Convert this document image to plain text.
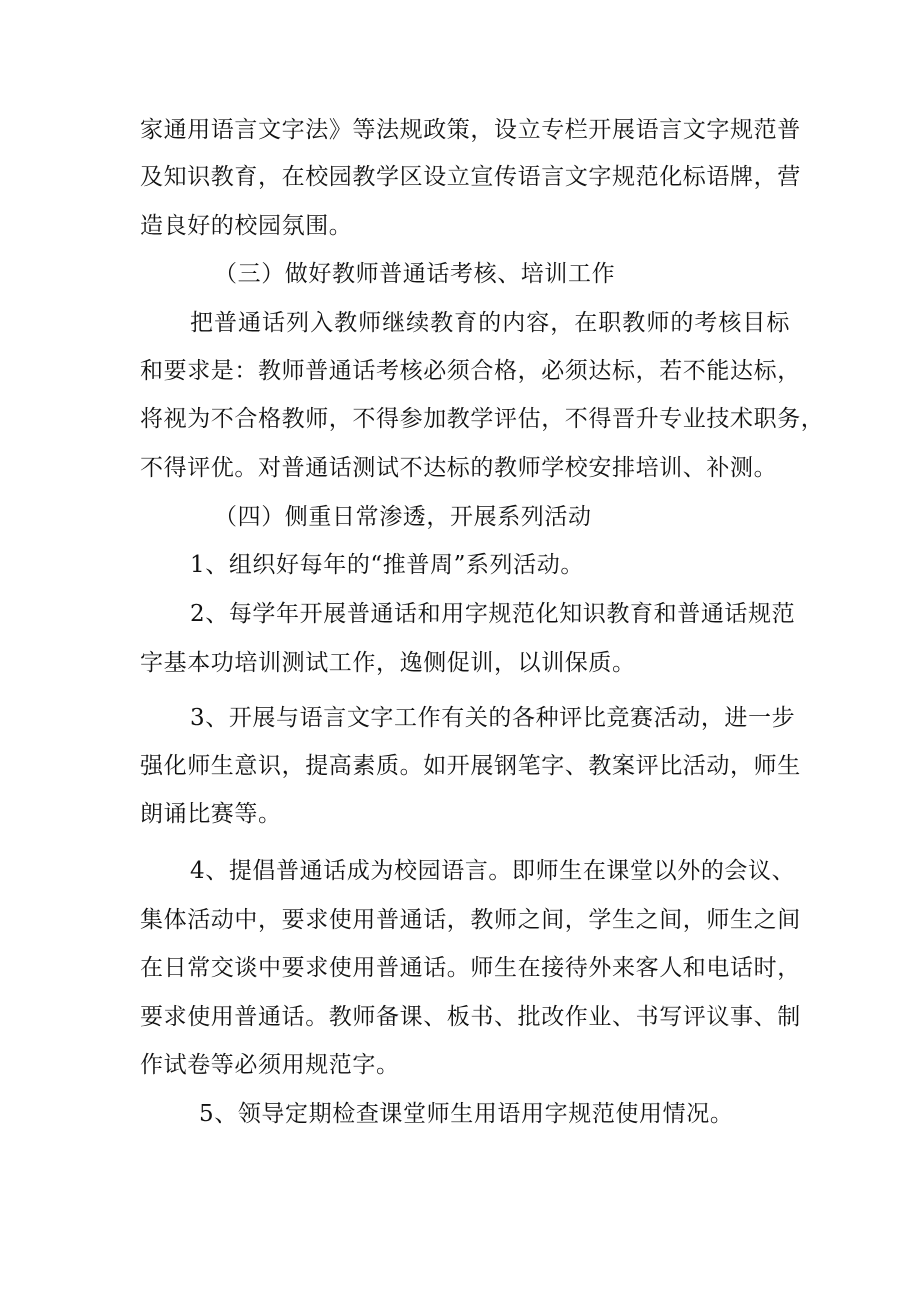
家通用语言文字法》等法规政策，设立专栏开展语言文字规范普
及知识教育，在校园教学区设立宣传语言文字规范化标语牌，营
造良好的校园氛围。
（三）做好教师普通话考核、培训工作
把普通话列入教师继续教育的内容，在职教师的考核目标
和要求是：教师普通话考核必须合格，必须达标，若不能达标，
将视为不合格教师，不得参加教学评估，不得晋升专业技术职务，
不得评优。对普通话测试不达标的教师学校安排培训、补测。
（四）侧重日常渗透，开展系列活动
1、组织好每年的“推普周”系列活动。
2、每学年开展普通话和用字规范化知识教育和普通话规范
字基本功培训测试工作，逸侧促训，以训保质。
3、开展与语言文字工作有关的各种评比竞赛活动，进一步
强化师生意识，提高素质。如开展钢笔字、教案评比活动，师生
朗诵比赛等。
4、提倡普通话成为校园语言。即师生在课堂以外的会议、
集体活动中，要求使用普通话，教师之间，学生之间，师生之间
在日常交谈中要求使用普通话。师生在接待外来客人和电话时，
要求使用普通话。教师备课、板书、批改作业、书写评议事、制
作试卷等必须用规范字。
5、领导定期检查课堂师生用语用字规范使用情况。
